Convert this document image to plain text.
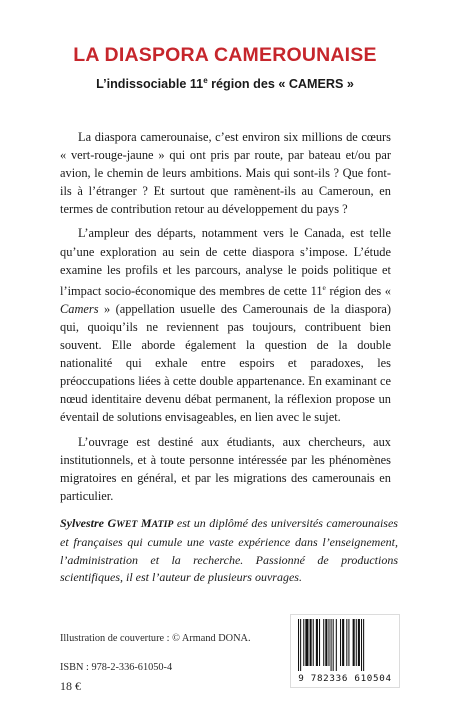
LA DIASPORA CAMEROUNAISE
L’indissociable 11e région des « CAMERS »

La diaspora camerounaise, c’est environ six millions de cœurs « vert-rouge-jaune » qui ont pris par route, par bateau et/ou par avion, le chemin de leurs ambitions. Mais qui sont-ils ? Que font-ils à l’étranger ? Et surtout que ramènent-ils au Cameroun, en termes de contribution retour au développement du pays ?

L’ampleur des départs, notamment vers le Canada, est telle qu’une exploration au sein de cette diaspora s’impose. L’étude examine les profils et les parcours, analyse le poids politique et l’impact socio-économique des membres de cette 11e région des « Camers » (appellation usuelle des Camerounais de la diaspora) qui, quoiqu’ils ne reviennent pas toujours, contribuent bien souvent. Elle aborde également la question de la double nationalité qui exhale entre espoirs et paradoxes, les préoccupations liées à cette double appartenance. En examinant ce nœud identitaire devenu débat permanent, la réflexion propose un éventail de solutions envisageables, en lien avec le sujet.

L’ouvrage est destiné aux étudiants, aux chercheurs, aux institutionnels, et à toute personne intéressée par les phénomènes migratoires en général, et par les migrations des camerounais en particulier.

Sylvestre GWET MATIP est un diplômé des universités camerounaises et françaises qui cumule une vaste expérience dans l’enseignement, l’administration et la recherche. Passionné de productions scientifiques, il est l’auteur de plusieurs ouvrages.
Illustration de couverture : © Armand DONA.
ISBN : 978-2-336-61050-4
18 €
9 782336 610504
